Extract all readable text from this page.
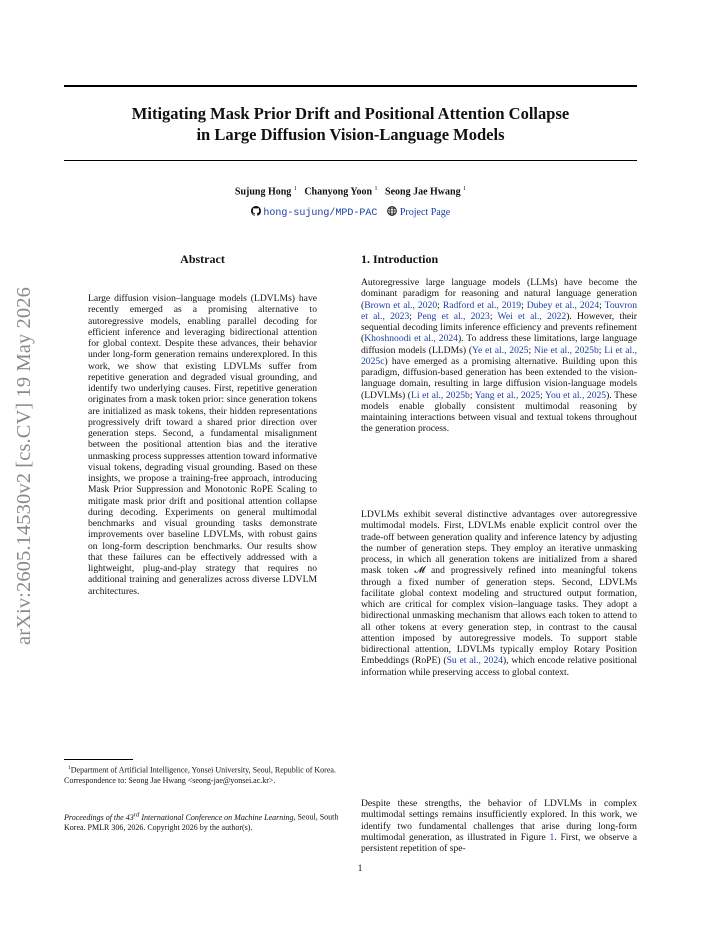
arXiv:2605.14530v2 [cs.CV] 19 May 2026
Mitigating Mask Prior Drift and Positional Attention Collapse
in Large Diffusion Vision-Language Models
Sujung Hong $^1$ Chanyong Yoon $^1$ Seong Jae Hwang $^1$
hong-sujung/MPD-PAC Project Page
Abstract

Large diffusion vision–language models (LDVLMs) have recently emerged as a promising alternative to autoregressive models, enabling parallel decoding for efficient inference and leveraging bidirectional attention for global context. Despite these advances, their behavior under long-form generation remains underexplored. In this work, we show that existing LDVLMs suffer from repetitive generation and degraded visual grounding, and identify two underlying causes. First, repetitive generation originates from a mask token prior: since generation tokens are initialized as mask tokens, their hidden representations progressively drift toward a shared prior direction over generation steps. Second, a fundamental misalignment between the positional attention bias and the iterative unmasking process suppresses attention toward informative visual tokens, degrading visual grounding. Based on these insights, we propose a training-free approach, introducing Mask Prior Suppression and Monotonic RoPE Scaling to mitigate mask prior drift and positional attention collapse during decoding. Experiments on general multimodal benchmarks and visual grounding tasks demonstrate improvements over baseline LDVLMs, with robust gains on long-form description benchmarks. Our results show that these failures can be effectively addressed with a lightweight, plug-and-play strategy that requires no additional training and generalizes across diverse LDVLM architectures.

$^1$Department of Artificial Intelligence, Yonsei University, Seoul, Republic of Korea. Correspondence to: Seong Jae Hwang <seong-jae@yonsei.ac.kr>.

Proceedings of the 43rd International Conference on Machine Learning, Seoul, South Korea. PMLR 306, 2026. Copyright 2026 by the author(s).

1. Introduction

Autoregressive large language models (LLMs) have become the dominant paradigm for reasoning and natural language generation (Brown et al., 2020; Radford et al., 2019; Dubey et al., 2024; Touvron et al., 2023; Peng et al., 2023; Wei et al., 2022). However, their sequential decoding limits inference efficiency and prevents refinement (Khoshnoodi et al., 2024). To address these limitations, large language diffusion models (LLDMs) (Ye et al., 2025; Nie et al., 2025b; Li et al., 2025c) have emerged as a promising alternative. Building upon this paradigm, diffusion-based generation has been extended to the vision-language domain, resulting in large diffusion vision-language models (LDVLMs) (Li et al., 2025b; Yang et al., 2025; You et al., 2025). These models enable globally consistent multimodal reasoning by maintaining interactions between visual and textual tokens throughout the generation process.

LDVLMs exhibit several distinctive advantages over autoregressive multimodal models. First, LDVLMs enable explicit control over the trade-off between generation quality and inference latency by adjusting the number of generation steps. They employ an iterative unmasking process, in which all generation tokens are initialized from a shared mask token 𝓜 and progressively refined into meaningful tokens through a fixed number of generation steps. Second, LDVLMs facilitate global context modeling and structured output formation, which are critical for complex vision–language tasks. They adopt a bidirectional unmasking mechanism that allows each token to attend to all other tokens at every generation step, in contrast to the causal attention imposed by autoregressive models. To support stable bidirectional attention, LDVLMs typically employ Rotary Position Embeddings (RoPE) (Su et al., 2024), which encode relative positional information while preserving access to global context.

Despite these strengths, the behavior of LDVLMs in complex multimodal settings remains insufficiently explored. In this work, we identify two fundamental challenges that arise during long-form multimodal generation, as illustrated in Figure 1. First, we observe a persistent repetition of spe-

1
